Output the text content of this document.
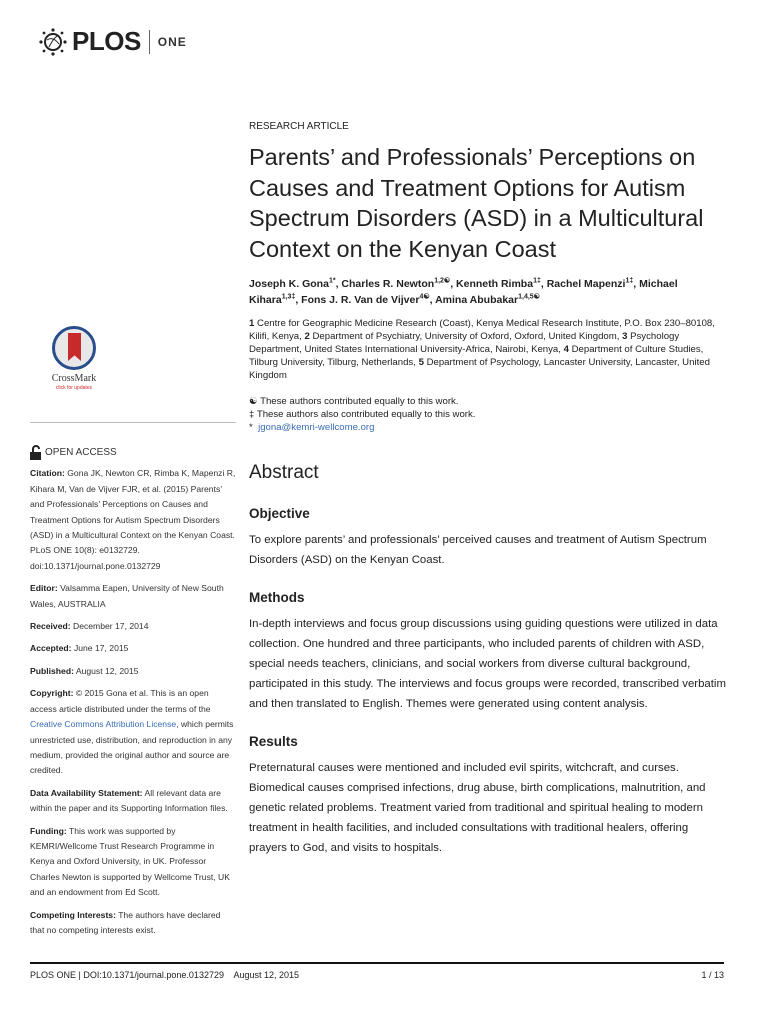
PLOS ONE
RESEARCH ARTICLE
Parents’ and Professionals’ Perceptions on Causes and Treatment Options for Autism Spectrum Disorders (ASD) in a Multicultural Context on the Kenyan Coast
Joseph K. Gona$^{1*}$, Charles R. Newton$^{1,2☯}$, Kenneth Rimba$^{1\ddagger}$, Rachel Mapenzi$^{1\ddagger}$, Michael Kihara$^{1,3\ddagger}$, Fons J. R. Van de Vijver$^{4☯}$, Amina Abubakar$^{1,4,5☯}$
1 Centre for Geographic Medicine Research (Coast), Kenya Medical Research Institute, P.O. Box 230–80108, Kilifi, Kenya, 2 Department of Psychiatry, University of Oxford, Oxford, United Kingdom, 3 Psychology Department, United States International University-Africa, Nairobi, Kenya, 4 Department of Culture Studies, Tilburg University, Tilburg, Netherlands, 5 Department of Psychology, Lancaster University, Lancaster, United Kingdom
☯ These authors contributed equally to this work.
‡ These authors also contributed equally to this work.
* jgona@kemri-wellcome.org
Abstract
Objective

To explore parents’ and professionals’ perceived causes and treatment of Autism Spectrum Disorders (ASD) on the Kenyan Coast.

Methods

In-depth interviews and focus group discussions using guiding questions were utilized in data collection. One hundred and three participants, who included parents of children with ASD, special needs teachers, clinicians, and social workers from diverse cultural background, participated in this study. The interviews and focus groups were recorded, transcribed verbatim and then translated to English. Themes were generated using content analysis.

Results

Preternatural causes were mentioned and included evil spirits, witchcraft, and curses. Biomedical causes comprised infections, drug abuse, birth complications, malnutrition, and genetic related problems. Treatment varied from traditional and spiritual healing to modern treatment in health facilities, and included consultations with traditional healers, offering prayers to God, and visits to hospitals.

CrossMark
click for updates
OPEN ACCESS

Citation: Gona JK, Newton CR, Rimba K, Mapenzi R, Kihara M, Van de Vijver FJR, et al. (2015) Parents’ and Professionals’ Perceptions on Causes and Treatment Options for Autism Spectrum Disorders (ASD) in a Multicultural Context on the Kenyan Coast. PLoS ONE 10(8): e0132729. doi:10.1371/journal.pone.0132729

Editor: Valsamma Eapen, University of New South Wales, AUSTRALIA

Received: December 17, 2014

Accepted: June 17, 2015

Published: August 12, 2015

Copyright: © 2015 Gona et al. This is an open access article distributed under the terms of the Creative Commons Attribution License, which permits unrestricted use, distribution, and reproduction in any medium, provided the original author and source are credited.

Data Availability Statement: All relevant data are within the paper and its Supporting Information files.

Funding: This work was supported by KEMRI/Wellcome Trust Research Programme in Kenya and Oxford University, in UK. Professor Charles Newton is supported by Wellcome Trust, UK and an endowment from Ed Scott.

Competing Interests: The authors have declared that no competing interests exist.

PLOS ONE | DOI:10.1371/journal.pone.0132729    August 12, 2015	1 / 13
